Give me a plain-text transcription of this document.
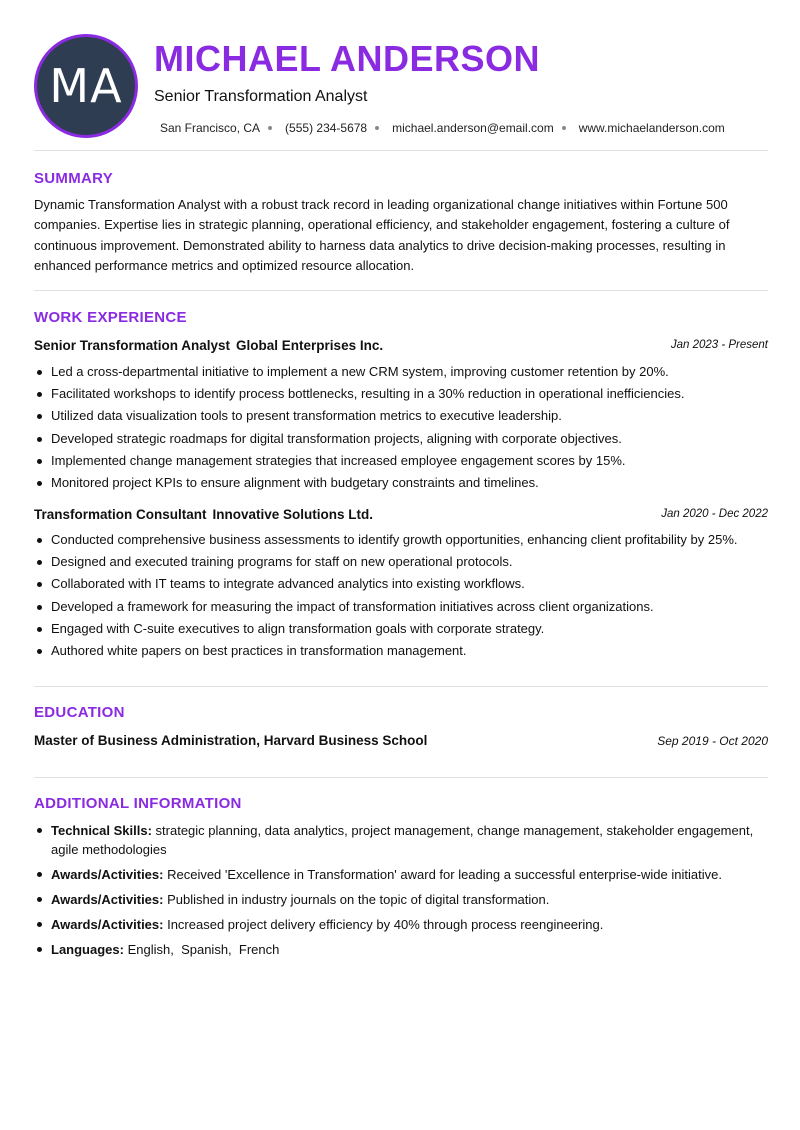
MA
MICHAEL ANDERSON
Senior Transformation Analyst
San Francisco, CA (555) 234-5678 michael.anderson@email.com www.michaelanderson.com
SUMMARY
Dynamic Transformation Analyst with a robust track record in leading organizational change initiatives within Fortune 500 companies. Expertise lies in strategic planning, operational efficiency, and stakeholder engagement, fostering a culture of continuous improvement. Demonstrated ability to harness data analytics to drive decision-making processes, resulting in enhanced performance metrics and optimized resource allocation.
WORK EXPERIENCE
Senior Transformation Analyst Global Enterprises Inc.	Jan 2023 - Present
Led a cross-departmental initiative to implement a new CRM system, improving customer retention by 20%.
Facilitated workshops to identify process bottlenecks, resulting in a 30% reduction in operational inefficiencies.
Utilized data visualization tools to present transformation metrics to executive leadership.
Developed strategic roadmaps for digital transformation projects, aligning with corporate objectives.
Implemented change management strategies that increased employee engagement scores by 15%.
Monitored project KPIs to ensure alignment with budgetary constraints and timelines.
Transformation Consultant Innovative Solutions Ltd.	Jan 2020 - Dec 2022
Conducted comprehensive business assessments to identify growth opportunities, enhancing client profitability by 25%.
Designed and executed training programs for staff on new operational protocols.
Collaborated with IT teams to integrate advanced analytics into existing workflows.
Developed a framework for measuring the impact of transformation initiatives across client organizations.
Engaged with C-suite executives to align transformation goals with corporate strategy.
Authored white papers on best practices in transformation management.
EDUCATION
Master of Business Administration, Harvard Business School	Sep 2019 - Oct 2020
ADDITIONAL INFORMATION
Technical Skills: strategic planning, data analytics, project management, change management, stakeholder engagement, agile methodologies
Awards/Activities: Received 'Excellence in Transformation' award for leading a successful enterprise-wide initiative.
Awards/Activities: Published in industry journals on the topic of digital transformation.
Awards/Activities: Increased project delivery efficiency by 40% through process reengineering.
Languages: English,  Spanish,  French
